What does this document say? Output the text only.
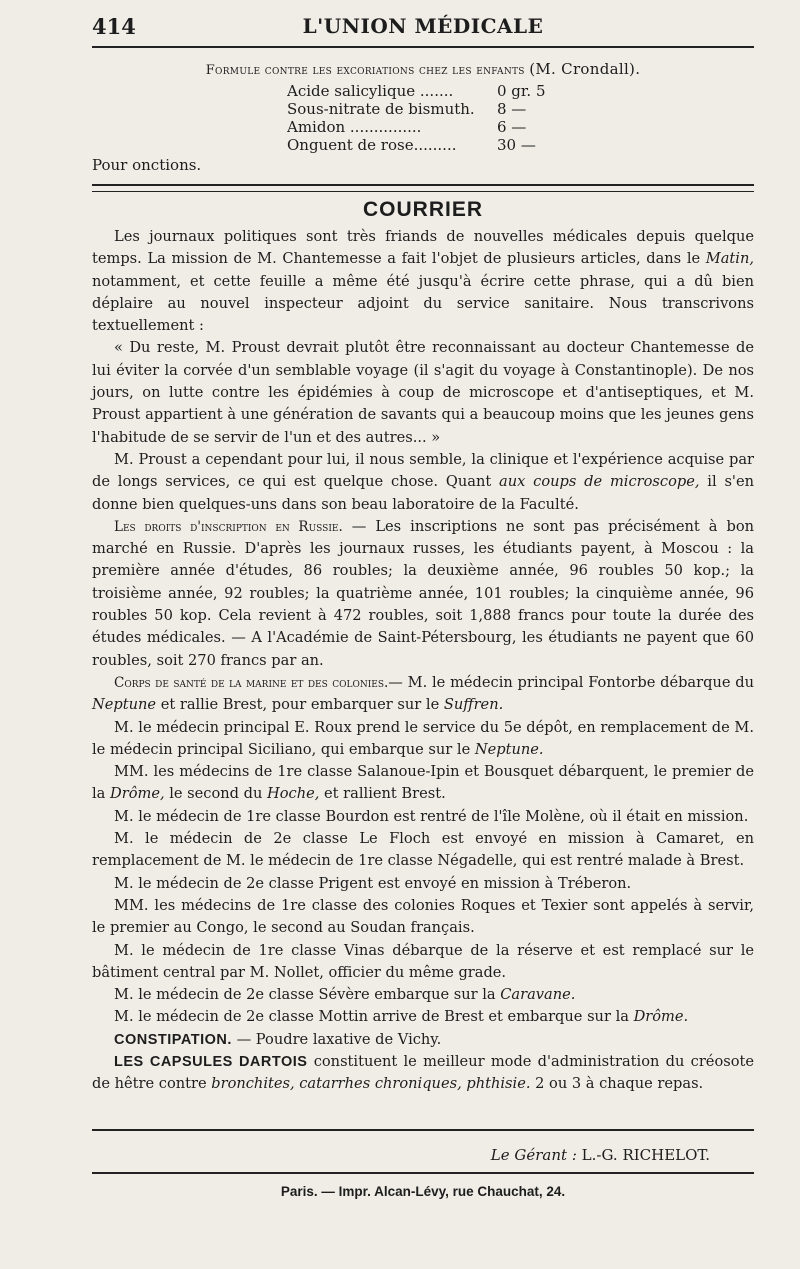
414	L'UNION MÉDICALE
Formule contre les excoriations chez les enfants (M. Crondall).
Acide salicylique .......	0 gr. 5
Sous-nitrate de bismuth.	8 —
Amidon ...............	6 —
Onguent de rose.........	30 —
Pour onctions.
COURRIER

Les journaux politiques sont très friands de nouvelles médicales depuis quelque temps. La mission de M. Chantemesse a fait l'objet de plusieurs articles, dans le Matin, notamment, et cette feuille a même été jusqu'à écrire cette phrase, qui a dû bien déplaire au nouvel inspecteur adjoint du service sanitaire. Nous transcrivons textuellement :

« Du reste, M. Proust devrait plutôt être reconnaissant au docteur Chantemesse de lui éviter la corvée d'un semblable voyage (il s'agit du voyage à Constantinople). De nos jours, on lutte contre les épidémies à coup de microscope et d'antiseptiques, et M. Proust appartient à une génération de savants qui a beaucoup moins que les jeunes gens l'habitude de se servir de l'un et des autres... »

M. Proust a cependant pour lui, il nous semble, la clinique et l'expérience acquise par de longs services, ce qui est quelque chose. Quant aux coups de microscope, il s'en donne bien quelques-uns dans son beau laboratoire de la Faculté.

Les droits d'inscription en Russie. — Les inscriptions ne sont pas précisément à bon marché en Russie. D'après les journaux russes, les étudiants payent, à Moscou : la première année d'études, 86 roubles; la deuxième année, 96 roubles 50 kop.; la troisième année, 92 roubles; la quatrième année, 101 roubles; la cinquième année, 96 roubles 50 kop. Cela revient à 472 roubles, soit 1,888 francs pour toute la durée des études médicales. — A l'Académie de Saint-Pétersbourg, les étudiants ne payent que 60 roubles, soit 270 francs par an.

Corps de santé de la marine et des colonies.— M. le médecin principal Fontorbe débarque du Neptune et rallie Brest, pour embarquer sur le Suffren.

M. le médecin principal E. Roux prend le service du 5e dépôt, en remplacement de M. le médecin principal Siciliano, qui embarque sur le Neptune.

MM. les médecins de 1re classe Salanoue-Ipin et Bousquet débarquent, le premier de la Drôme, le second du Hoche, et rallient Brest.

M. le médecin de 1re classe Bourdon est rentré de l'île Molène, où il était en mission.

M. le médecin de 2e classe Le Floch est envoyé en mission à Camaret, en remplacement de M. le médecin de 1re classe Négadelle, qui est rentré malade à Brest.

M. le médecin de 2e classe Prigent est envoyé en mission à Tréberon.

MM. les médecins de 1re classe des colonies Roques et Texier sont appelés à servir, le premier au Congo, le second au Soudan français.

M. le médecin de 1re classe Vinas débarque de la réserve et est remplacé sur le bâtiment central par M. Nollet, officier du même grade.

M. le médecin de 2e classe Sévère embarque sur la Caravane.

M. le médecin de 2e classe Mottin arrive de Brest et embarque sur la Drôme.

CONSTIPATION. — Poudre laxative de Vichy.

LES CAPSULES DARTOIS constituent le meilleur mode d'administration du créosote de hêtre contre bronchites, catarrhes chroniques, phthisie. 2 ou 3 à chaque repas.

Le Gérant : L.-G. RICHELOT.
Paris. — Impr. Alcan-Lévy, rue Chauchat, 24.
